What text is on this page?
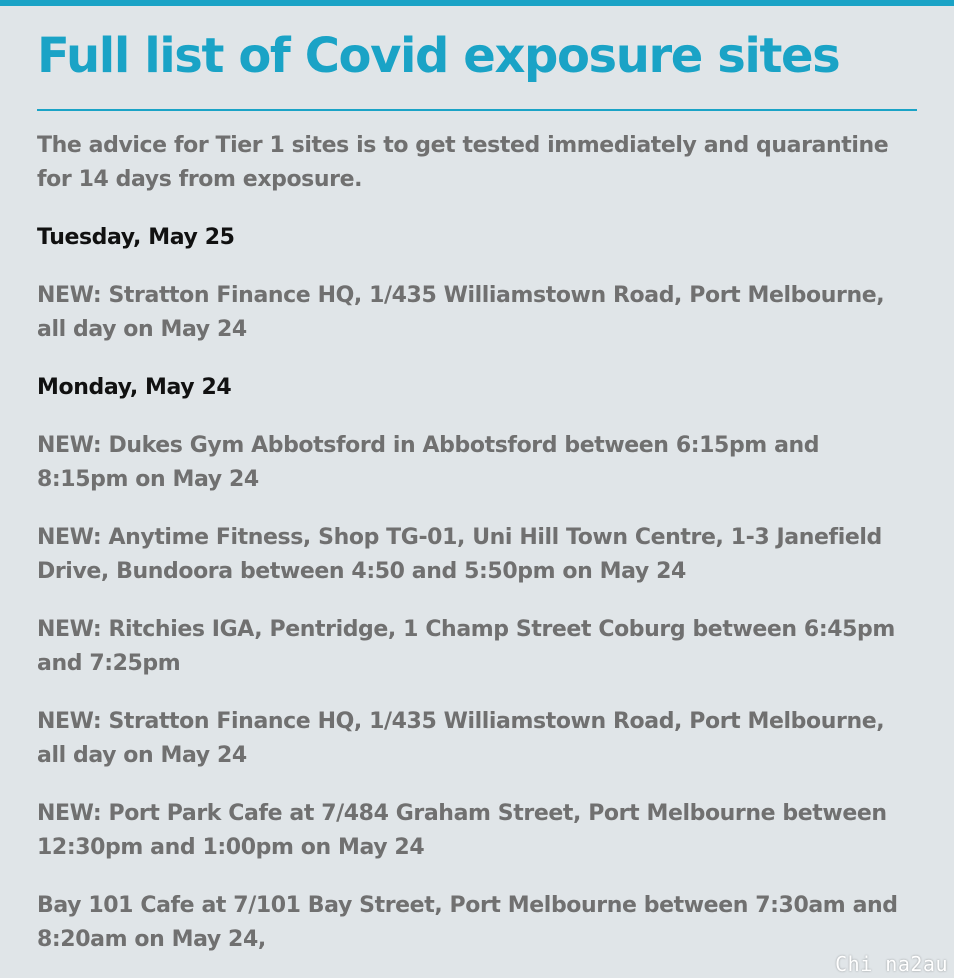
Full list of Covid exposure sites

The advice for Tier 1 sites is to get tested immediately and quarantine for 14 days from exposure.

Tuesday, May 25

NEW: Stratton Finance HQ, 1/435 Williamstown Road, Port Melbourne, all day on May 24

Monday, May 24

NEW: Dukes Gym Abbotsford in Abbotsford between 6:15pm and 8:15pm on May 24

NEW: Anytime Fitness, Shop TG-01, Uni Hill Town Centre, 1-3 Janefield Drive, Bundoora between 4:50 and 5:50pm on May 24

NEW: Ritchies IGA, Pentridge, 1 Champ Street Coburg between 6:45pm and 7:25pm

NEW: Stratton Finance HQ, 1/435 Williamstown Road, Port Melbourne, all day on May 24

NEW: Port Park Cafe at 7/484 Graham Street, Port Melbourne between 12:30pm and 1:00pm on May 24

Bay 101 Cafe at 7/101 Bay Street, Port Melbourne between 7:30am and 8:20am on May 24,

Chi na2au
